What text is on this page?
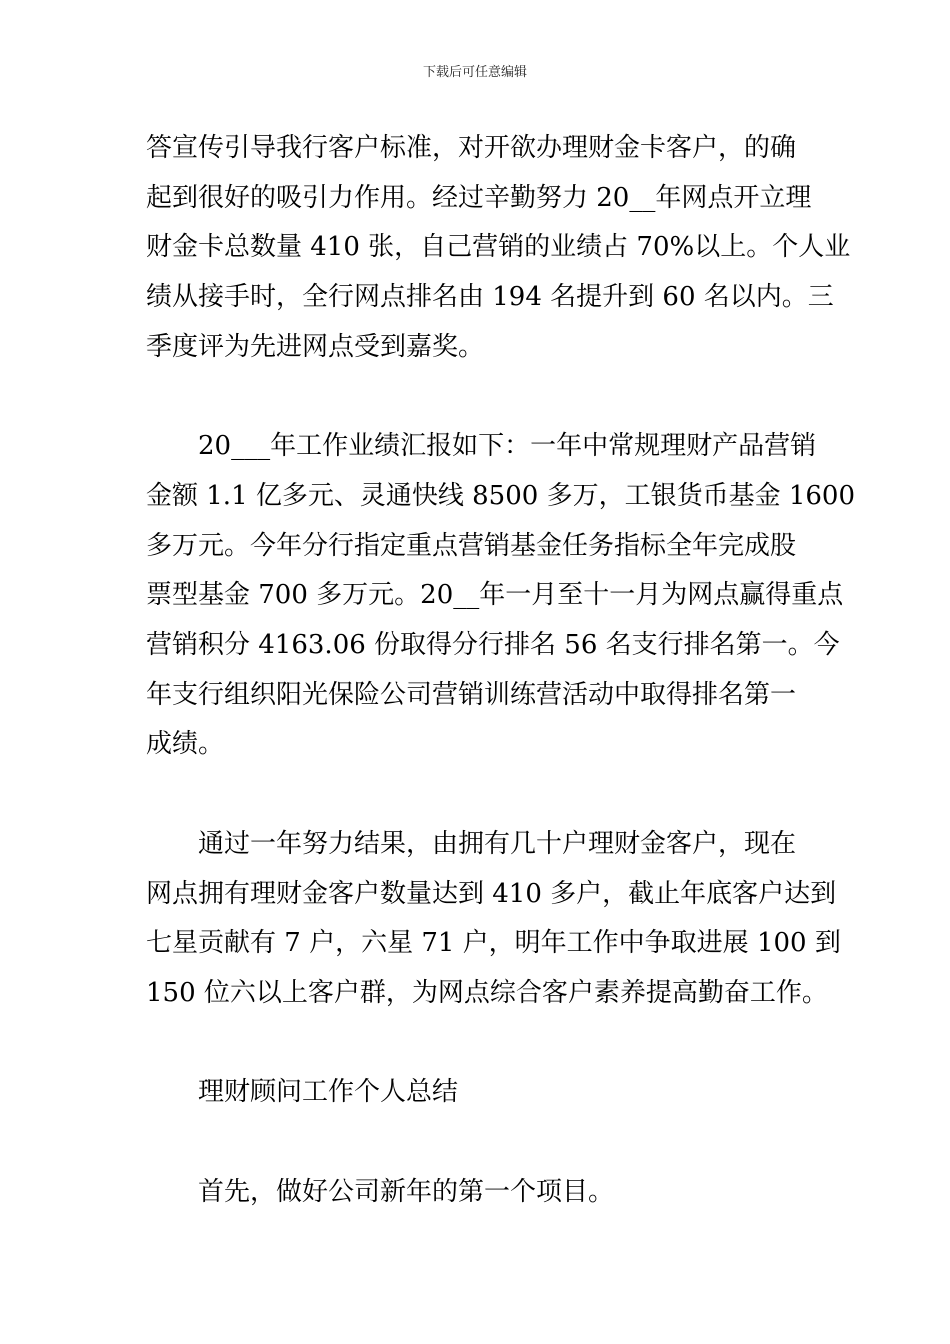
下载后可任意编辑

答宣传引导我行客户标准，对开欲办理财金卡客户，的确
起到很好的吸引力作用。经过辛勤努力 20__年网点开立理
财金卡总数量 410 张，自己营销的业绩占 70%以上。个人业
绩从接手时，全行网点排名由 194 名提升到 60 名以内。三
季度评为先进网点受到嘉奖。

20___年工作业绩汇报如下：一年中常规理财产品营销
金额 1.1 亿多元、灵通快线 8500 多万，工银货币基金 1600
多万元。今年分行指定重点营销基金任务指标全年完成股
票型基金 700 多万元。20__年一月至十一月为网点赢得重点
营销积分 4163.06 份取得分行排名 56 名支行排名第一。今
年支行组织阳光保险公司营销训练营活动中取得排名第一
成绩。

通过一年努力结果，由拥有几十户理财金客户，现在
网点拥有理财金客户数量达到 410 多户，截止年底客户达到
七星贡献有 7 户，六星 71 户，明年工作中争取进展 100 到
150 位六以上客户群，为网点综合客户素养提高勤奋工作。

理财顾问工作个人总结

首先，做好公司新年的第一个项目。
